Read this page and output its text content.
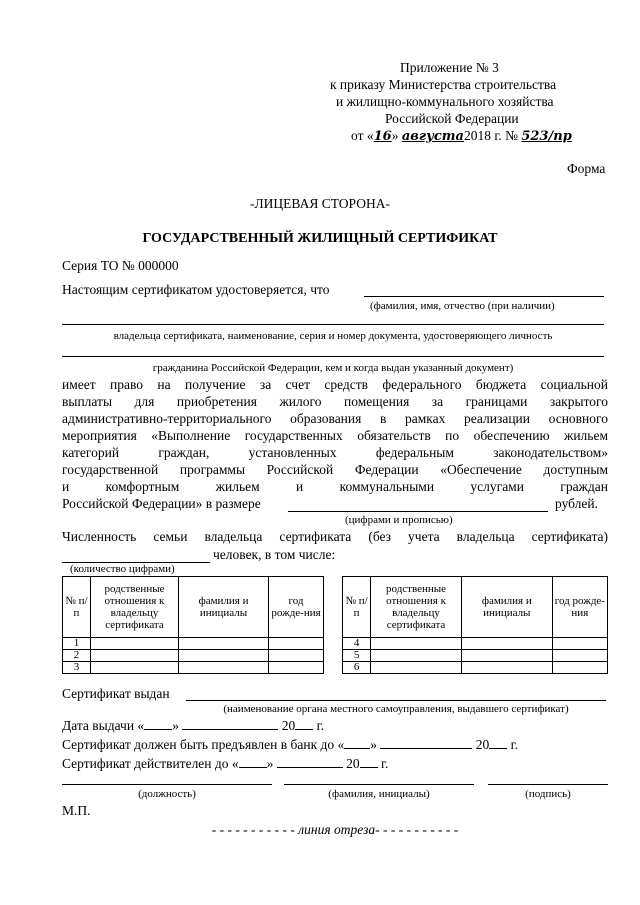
Приложение № 3
к приказу Министерства строительства
и жилищно-коммунального хозяйства
Российской Федерации
от «16» августа2018 г. № 523/пр
Форма
-ЛИЦЕВАЯ СТОРОНА-
ГОСУДАРСТВЕННЫЙ ЖИЛИЩНЫЙ СЕРТИФИКАТ
Серия ТО № 000000
Настоящим сертификатом удостоверяется, что
(фамилия, имя, отчество (при наличии)
владельца сертификата, наименование, серия и номер документа, удостоверяющего личность
гражданина Российской Федерации, кем и когда выдан указанный документ)
имеет право на получение за счет средств федерального бюджета социальной
выплаты для приобретения жилого помещения за границами закрытого
административно-территориального образования в рамках реализации основного
мероприятия «Выполнение государственных обязательств по обеспечению жильем
категорий граждан, установленных федеральным законодательством»
государственной программы Российской Федерации «Обеспечение доступным
и комфортным жильем и коммунальными услугами граждан
Российской Федерации» в размере	рублей.
(цифрами и прописью)
Численность семьи владельца сертификата (без учета владельца сертификата)
человек, в том числе:
(количество цифрами)
№ п/п	родственные отношения к владельцу сертификата	фамилия и инициалы	год рожде-ния
1			
2			
3			
№ п/п	родственные отношения к владельцу сертификата	фамилия и инициалы	год рожде-ния
4			
5			
6			
Сертификат выдан
(наименование органа местного самоуправления, выдавшего сертификат)
Дата выдачи « »	20 г.
Сертификат должен быть предъявлен в банк до « »	20 г.
Сертификат действителен до « »	20 г.
(должность)	(фамилия, инициалы)	(подпись)
М.П.
- - - - - - - - - - - линия отреза- - - - - - - - - - -
